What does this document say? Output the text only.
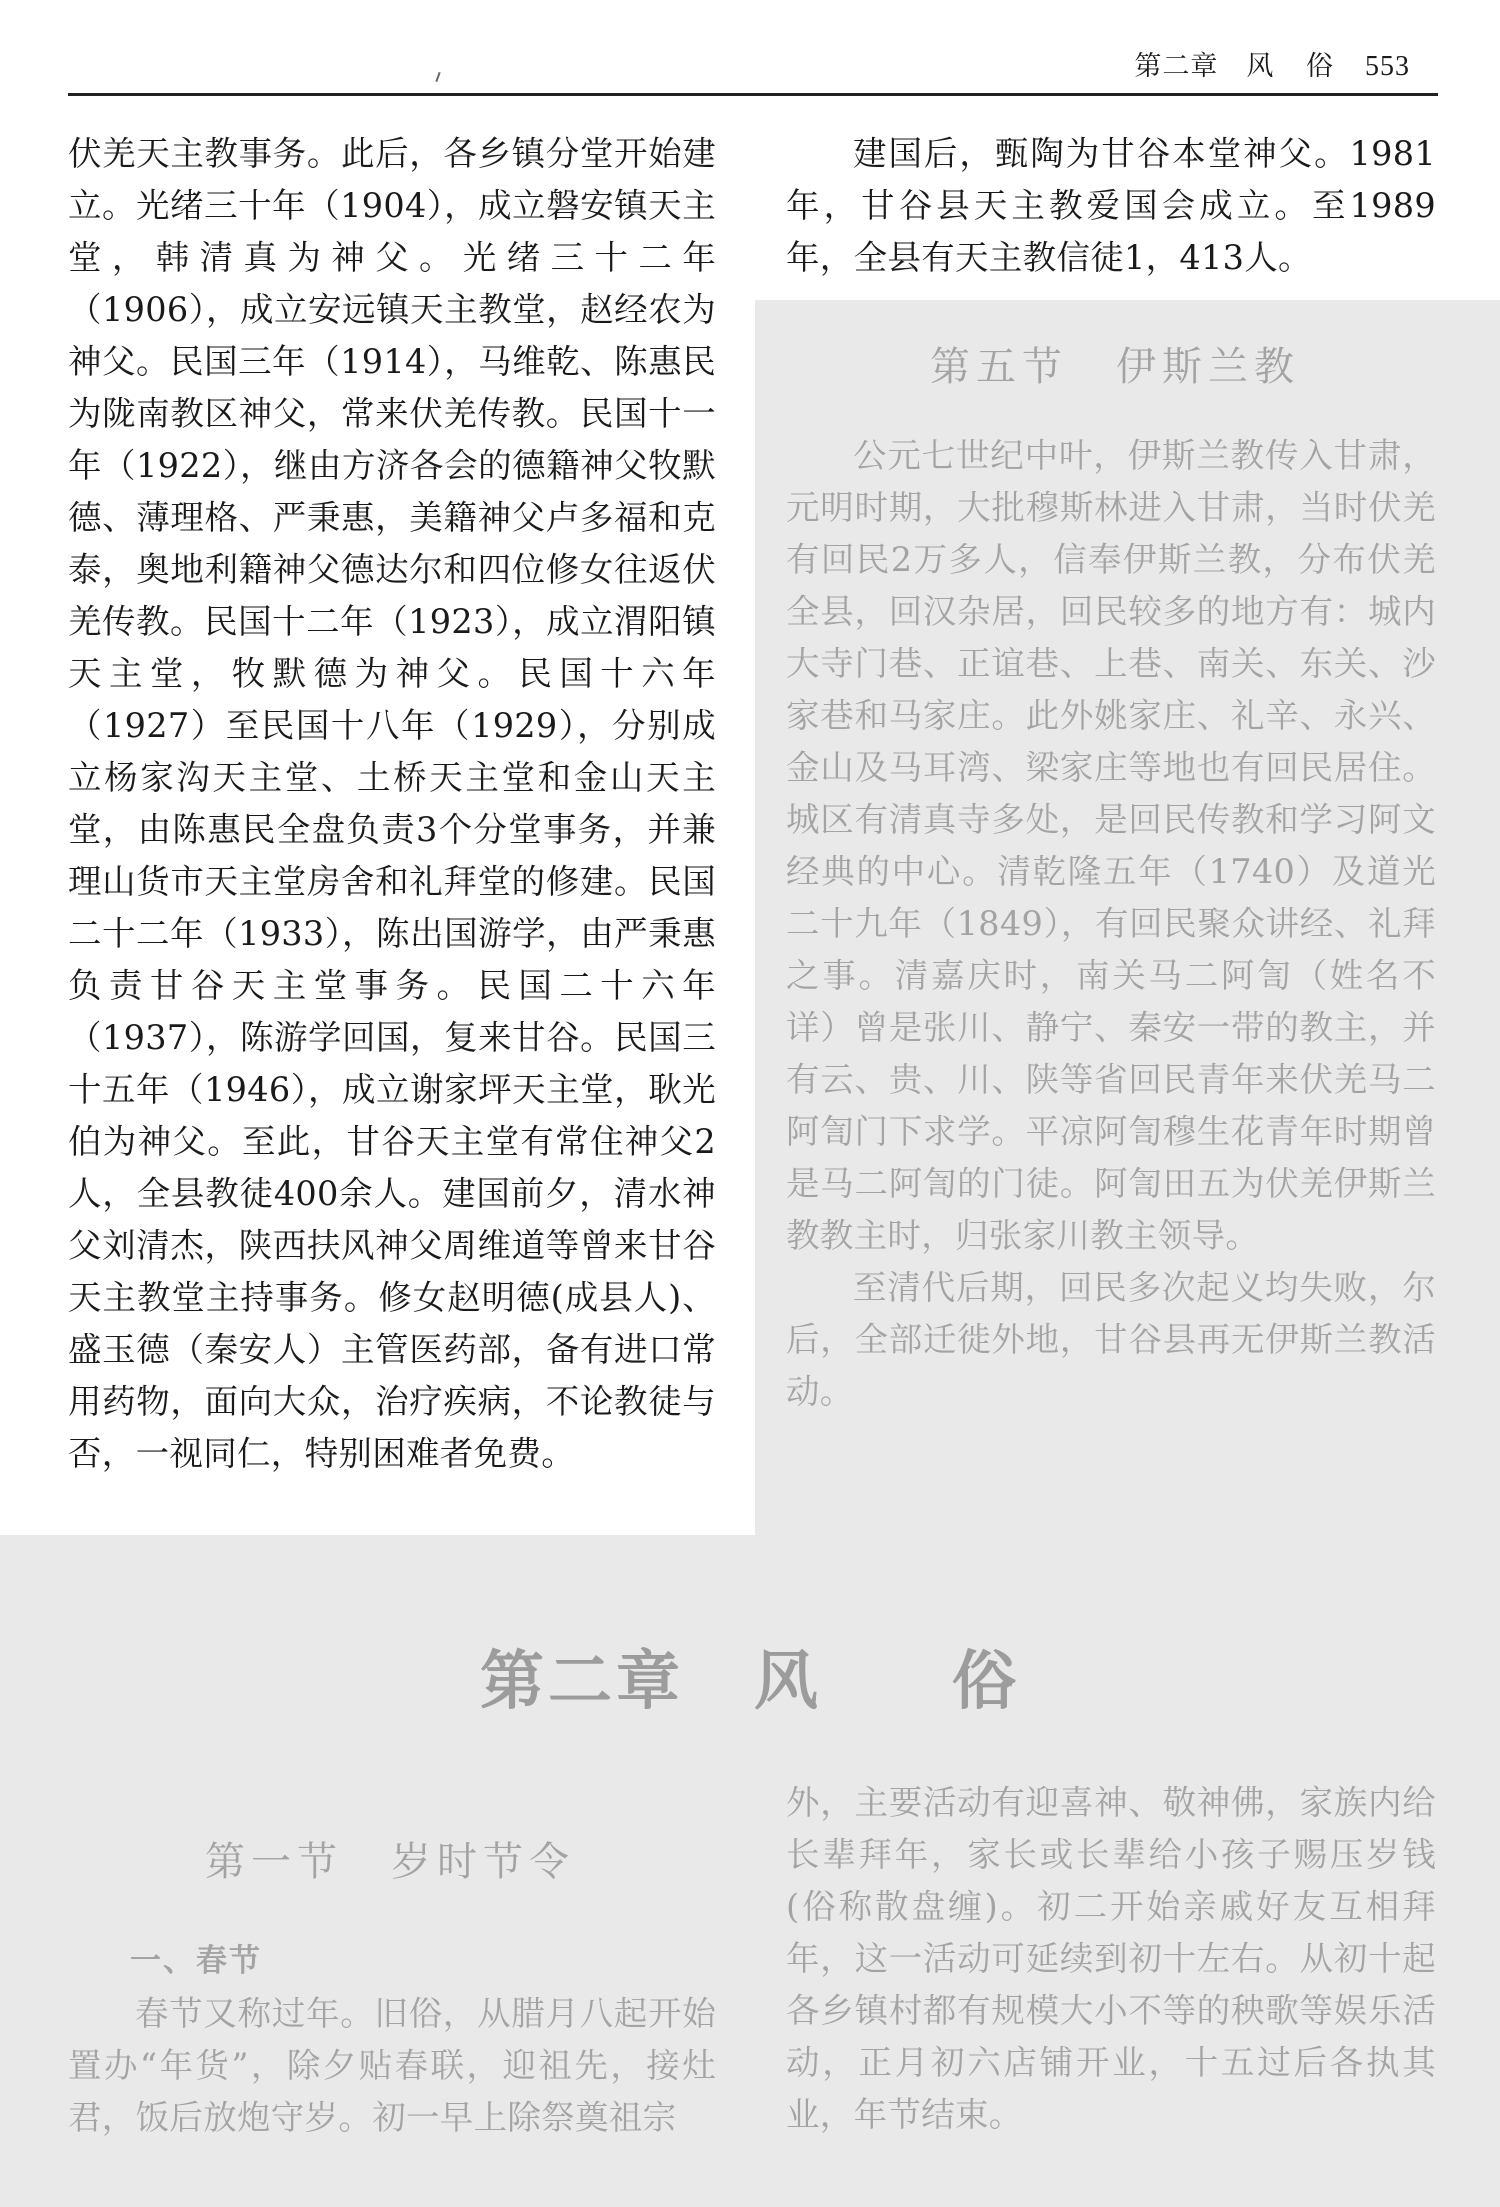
第二章 风 俗 553

伏羌天主教事务。此后，各乡镇分堂开始建立。光绪三十年（1904），成立磐安镇天主堂，韩清真为神父。光绪三十二年（1906），成立安远镇天主教堂，赵经农为神父。民国三年（1914），马维乾、陈惠民为陇南教区神父，常来伏羌传教。民国十一年（1922），继由方济各会的德籍神父牧默德、薄理格、严秉惠，美籍神父卢多福和克泰，奥地利籍神父德达尔和四位修女往返伏羌传教。民国十二年（1923），成立渭阳镇天主堂，牧默德为神父。民国十六年（1927）至民国十八年（1929），分别成立杨家沟天主堂、土桥天主堂和金山天主堂，由陈惠民全盘负责3个分堂事务，并兼理山货市天主堂房舍和礼拜堂的修建。民国二十二年（1933），陈出国游学，由严秉惠负责甘谷天主堂事务。民国二十六年（1937），陈游学回国，复来甘谷。民国三十五年（1946），成立谢家坪天主堂，耿光伯为神父。至此，甘谷天主堂有常住神父2人，全县教徒400余人。建国前夕，清水神父刘清杰，陕西扶风神父周维道等曾来甘谷天主教堂主持事务。修女赵明德(成县人)、盛玉德（秦安人）主管医药部，备有进口常用药物，面向大众，治疗疾病，不论教徒与否，一视同仁，特别困难者免费。

建国后，甄陶为甘谷本堂神父。1981年，甘谷县天主教爱国会成立。至1989年，全县有天主教信徒1，413人。

第五节 伊斯兰教

公元七世纪中叶，伊斯兰教传入甘肃，元明时期，大批穆斯林进入甘肃，当时伏羌有回民2万多人，信奉伊斯兰教，分布伏羌全县，回汉杂居，回民较多的地方有：城内大寺门巷、正谊巷、上巷、南关、东关、沙家巷和马家庄。此外姚家庄、礼辛、永兴、金山及马耳湾、梁家庄等地也有回民居住。城区有清真寺多处，是回民传教和学习阿文经典的中心。清乾隆五年（1740）及道光二十九年（1849），有回民聚众讲经、礼拜之事。清嘉庆时，南关马二阿訇（姓名不详）曾是张川、静宁、秦安一带的教主，并有云、贵、川、陕等省回民青年来伏羌马二阿訇门下求学。平凉阿訇穆生花青年时期曾是马二阿訇的门徒。阿訇田五为伏羌伊斯兰教教主时，归张家川教主领导。

至清代后期，回民多次起义均失败，尔后，全部迁徙外地，甘谷县再无伊斯兰教活动。

第二章 风 俗
第一节 岁时节令
一、春节

春节又称过年。旧俗，从腊月八起开始置办“年货”，除夕贴春联，迎祖先，接灶君，饭后放炮守岁。初一早上除祭奠祖宗

外，主要活动有迎喜神、敬神佛，家族内给长辈拜年，家长或长辈给小孩子赐压岁钱(俗称散盘缠)。初二开始亲戚好友互相拜年，这一活动可延续到初十左右。从初十起各乡镇村都有规模大小不等的秧歌等娱乐活动，正月初六店铺开业，十五过后各执其业，年节结束。
